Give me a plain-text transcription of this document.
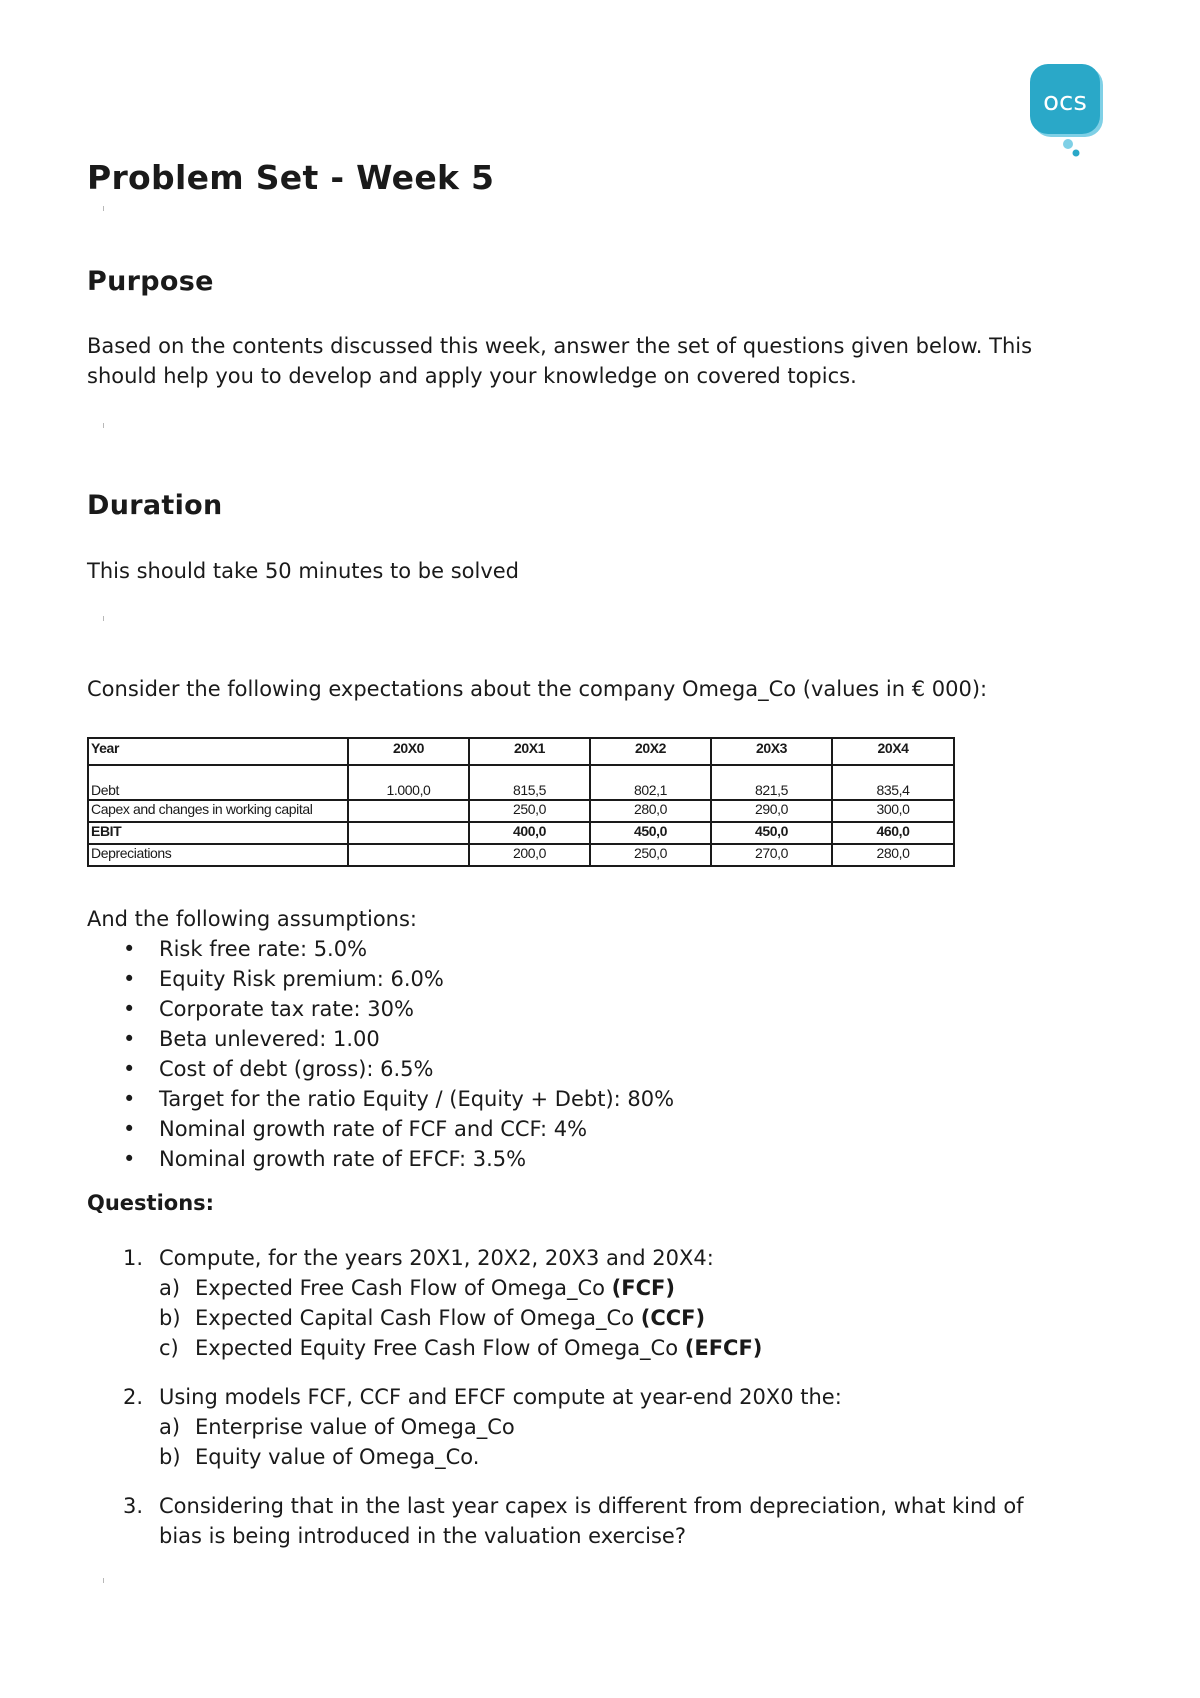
ocs
Problem Set - Week 5
Purpose

Based on the contents discussed this week, answer the set of questions given below. This
should help you to develop and apply your knowledge on covered topics.

Duration

This should take 50 minutes to be solved

Consider the following expectations about the company Omega_Co (values in € 000):

Year	20X0	20X1	20X2	20X3	20X4
Debt	1.000,0	815,5	802,1	821,5	835,4
Capex and changes in working capital		250,0	280,0	290,0	300,0
EBIT		400,0	450,0	450,0	460,0
Depreciations		200,0	250,0	270,0	280,0

And the following assumptions:

• Risk free rate: 5.0%
• Equity Risk premium: 6.0%
• Corporate tax rate: 30%
• Beta unlevered: 1.00
• Cost of debt (gross): 6.5%
• Target for the ratio Equity / (Equity + Debt): 80%
• Nominal growth rate of FCF and CCF: 4%
• Nominal growth rate of EFCF: 3.5%

Questions:

1. Compute, for the years 20X1, 20X2, 20X3 and 20X4:
a) Expected Free Cash Flow of Omega_Co (FCF)
b) Expected Capital Cash Flow of Omega_Co (CCF)
c) Expected Equity Free Cash Flow of Omega_Co (EFCF)
2. Using models FCF, CCF and EFCF compute at year-end 20X0 the:
a) Enterprise value of Omega_Co
b) Equity value of Omega_Co.
3. Considering that in the last year capex is different from depreciation, what kind of
bias is being introduced in the valuation exercise?
